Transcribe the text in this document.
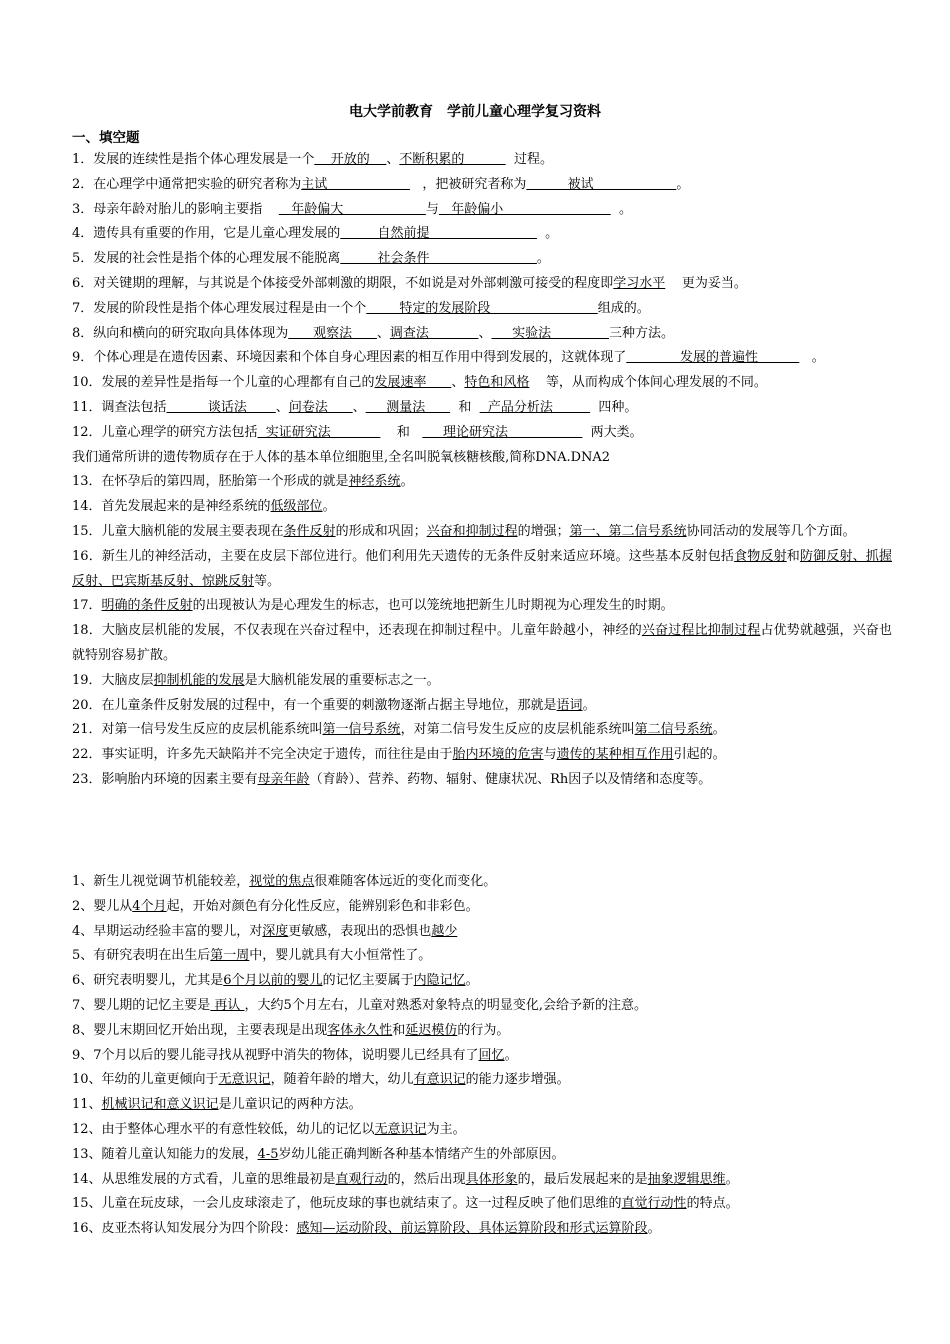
电大学前教育　学前儿童心理学复习资料
一、填空题
1．发展的连续性是指个体心理发展是一个    开放的    、不断积累的            过程。
2．在心理学中通常把实验的研究者称为主试                       ，把被研究者称为          被试                    。
3．母亲年龄对胎儿的影响主要指       年龄偏大                    与   年龄偏小                            。
4．遗传具有重要的作用，它是儿童心理发展的         自然前提                            。
5．发展的社会性是指个体的心理发展不能脱离         社会条件                          。
6．对关键期的理解，与其说是个体接受外部刺激的期限，不如说是对外部刺激可接受的程度即学习水平    更为妥当。
7．发展的阶段性是指个体心理发展过程是由一个个        特定的发展阶段                          组成的。
8．纵向和横向的研究取向具体体现为      观察法      、调查法            、     实验法              三种方法。
9．个体心理是在遗传因素、环境因素和个体自身心理因素的相互作用中得到发展的，这就体现了             发展的普遍性             。
10．发展的差异性是指每一个儿童的心理都有自己的发展速率      、特色和风格    等，从而构成个体间心理发展的不同。
11．调查法包括          谈话法       、问卷法      、     测量法        和    产品分析法           四种。
12．儿童心理学的研究方法包括  实证研究法                和        理论研究法                    两大类。
我们通常所讲的遗传物质存在于人体的基本单位细胞里,全名叫脱氧核糖核酸,简称DNA.DNA2
13．在怀孕后的第四周，胚胎第一个形成的就是神经系统。
14．首先发展起来的是神经系统的低级部位。
15．儿童大脑机能的发展主要表现在条件反射的形成和巩固；兴奋和抑制过程的增强；第一、第二信号系统协同活动的发展等几个方面。
16．新生儿的神经活动，主要在皮层下部位进行。他们利用先天遗传的无条件反射来适应环境。这些基本反射包括食物反射和防御反射、抓握反射、巴宾斯基反射、惊跳反射等。
17．明确的条件反射的出现被认为是心理发生的标志，也可以笼统地把新生儿时期视为心理发生的时期。
18．大脑皮层机能的发展，不仅表现在兴奋过程中，还表现在抑制过程中。儿童年龄越小，神经的兴奋过程比抑制过程占优势就越强，兴奋也就特别容易扩散。
19．大脑皮层抑制机能的发展是大脑机能发展的重要标志之一。
20．在儿童条件反射发展的过程中，有一个重要的刺激物逐渐占据主导地位，那就是语词。
21．对第一信号发生反应的皮层机能系统叫第一信号系统，对第二信号发生反应的皮层机能系统叫第二信号系统。
22．事实证明，许多先天缺陷并不完全决定于遗传，而往往是由于胎内环境的危害与遗传的某种相互作用引起的。
23．影响胎内环境的因素主要有母亲年龄（育龄）、营养、药物、辐射、健康状况、Rh因子以及情绪和态度等。
1、新生儿视觉调节机能较差，视觉的焦点很难随客体远近的变化而变化。
2、婴儿从4个月起，开始对颜色有分化性反应，能辨别彩色和非彩色。
4、早期运动经验丰富的婴儿，对深度更敏感，表现出的恐惧也越少
5、有研究表明在出生后第一周中，婴儿就具有大小恒常性了。
6、研究表明婴儿，尤其是6个月以前的婴儿的记忆主要属于内隐记忆。
7、婴儿期的记忆主要是 再认 ，大约5个月左右，儿童对熟悉对象特点的明显变化,会给予新的注意。
8、婴儿末期回忆开始出现，主要表现是出现客体永久性和延迟模仿的行为。
9、7个月以后的婴儿能寻找从视野中消失的物体，说明婴儿已经具有了回忆。
10、年幼的儿童更倾向于无意识记，随着年龄的增大，幼儿有意识记的能力逐步增强。
11、机械识记和意义识记是儿童识记的两种方法。
12、由于整体心理水平的有意性较低，幼儿的记忆以无意识记为主。
13、随着儿童认知能力的发展，4-5岁幼儿能正确判断各种基本情绪产生的外部原因。
14、从思维发展的方式看，儿童的思维最初是直观行动的，然后出现具体形象的，最后发展起来的是抽象逻辑思维。
15、儿童在玩皮球，一会儿皮球滚走了，他玩皮球的事也就结束了。这一过程反映了他们思维的直觉行动性的特点。
16、皮亚杰将认知发展分为四个阶段：感知—运动阶段、前运算阶段、具体运算阶段和形式运算阶段。
